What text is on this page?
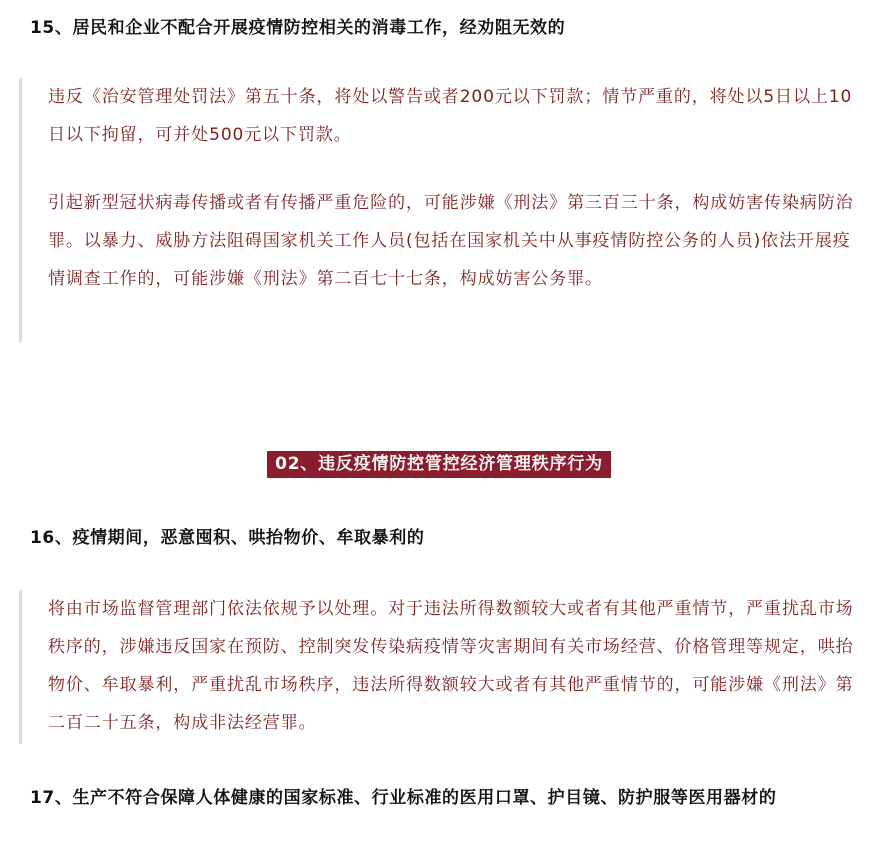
15、居民和企业不配合开展疫情防控相关的消毒工作，经劝阻无效的

违反《治安管理处罚法》第五十条，将处以警告或者200元以下罚款；情节严重的，将处以5日以上10日以下拘留，可并处500元以下罚款。

引起新型冠状病毒传播或者有传播严重危险的，可能涉嫌《刑法》第三百三十条，构成妨害传染病防治罪。以暴力、威胁方法阻碍国家机关工作人员(包括在国家机关中从事疫情防控公务的人员)依法开展疫情调查工作的，可能涉嫌《刑法》第二百七十七条，构成妨害公务罪。

02、违反疫情防控管控经济管理秩序行为
16、疫情期间，恶意囤积、哄抬物价、牟取暴利的

将由市场监督管理部门依法依规予以处理。对于违法所得数额较大或者有其他严重情节，严重扰乱市场秩序的，涉嫌违反国家在预防、控制突发传染病疫情等灾害期间有关市场经营、价格管理等规定，哄抬物价、牟取暴利，严重扰乱市场秩序，违法所得数额较大或者有其他严重情节的，可能涉嫌《刑法》第二百二十五条，构成非法经营罪。

17、生产不符合保障人体健康的国家标准、行业标准的医用口罩、护目镜、防护服等医用器材的
